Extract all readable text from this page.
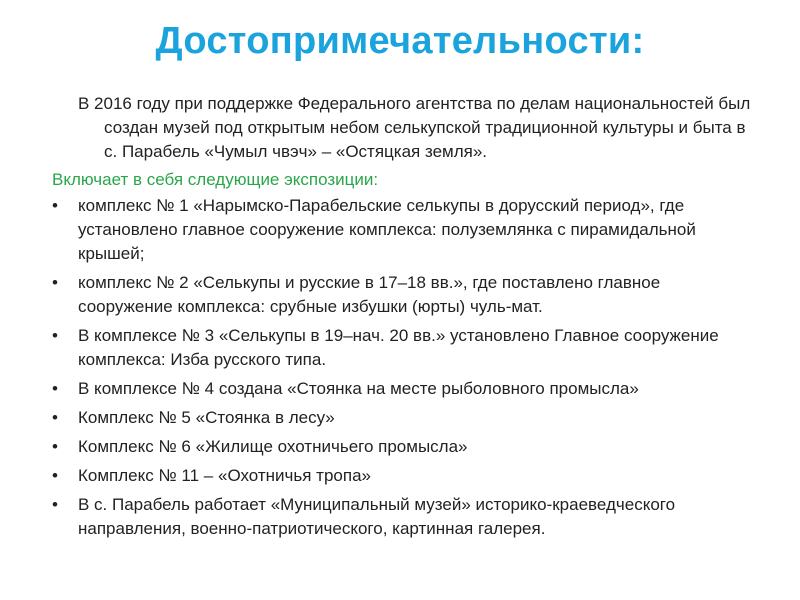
Достопримечательности:

В 2016 году при поддержке Федерального агентства по делам национальностей был создан музей под открытым небом селькупской традиционной культуры и быта в с. Парабель «Чумыл чвэч» – «Остяцкая земля».

Включает в себя следующие экспозиции:

•	комплекс № 1 «Нарымско-Парабельские селькупы в дорусский период», где установлено главное сооружение комплекса: полуземлянка с пирамидальной крышей;
•	комплекс № 2 «Селькупы и русские в 17–18 вв.», где поставлено главное сооружение комплекса: срубные избушки (юрты) чуль-мат.
•	В комплексе № 3 «Селькупы в 19–нач. 20 вв.» установлено Главное сооружение комплекса: Изба русского типа.
•	В комплексе № 4 создана «Стоянка на месте рыболовного промысла»
•	Комплекс № 5 «Стоянка в лесу»
•	Комплекс № 6 «Жилище охотничьего промысла»
•	Комплекс № 11 – «Охотничья тропа»
•	В с. Парабель работает «Муниципальный музей» историко-краеведческого направления, военно-патриотического, картинная галерея.
